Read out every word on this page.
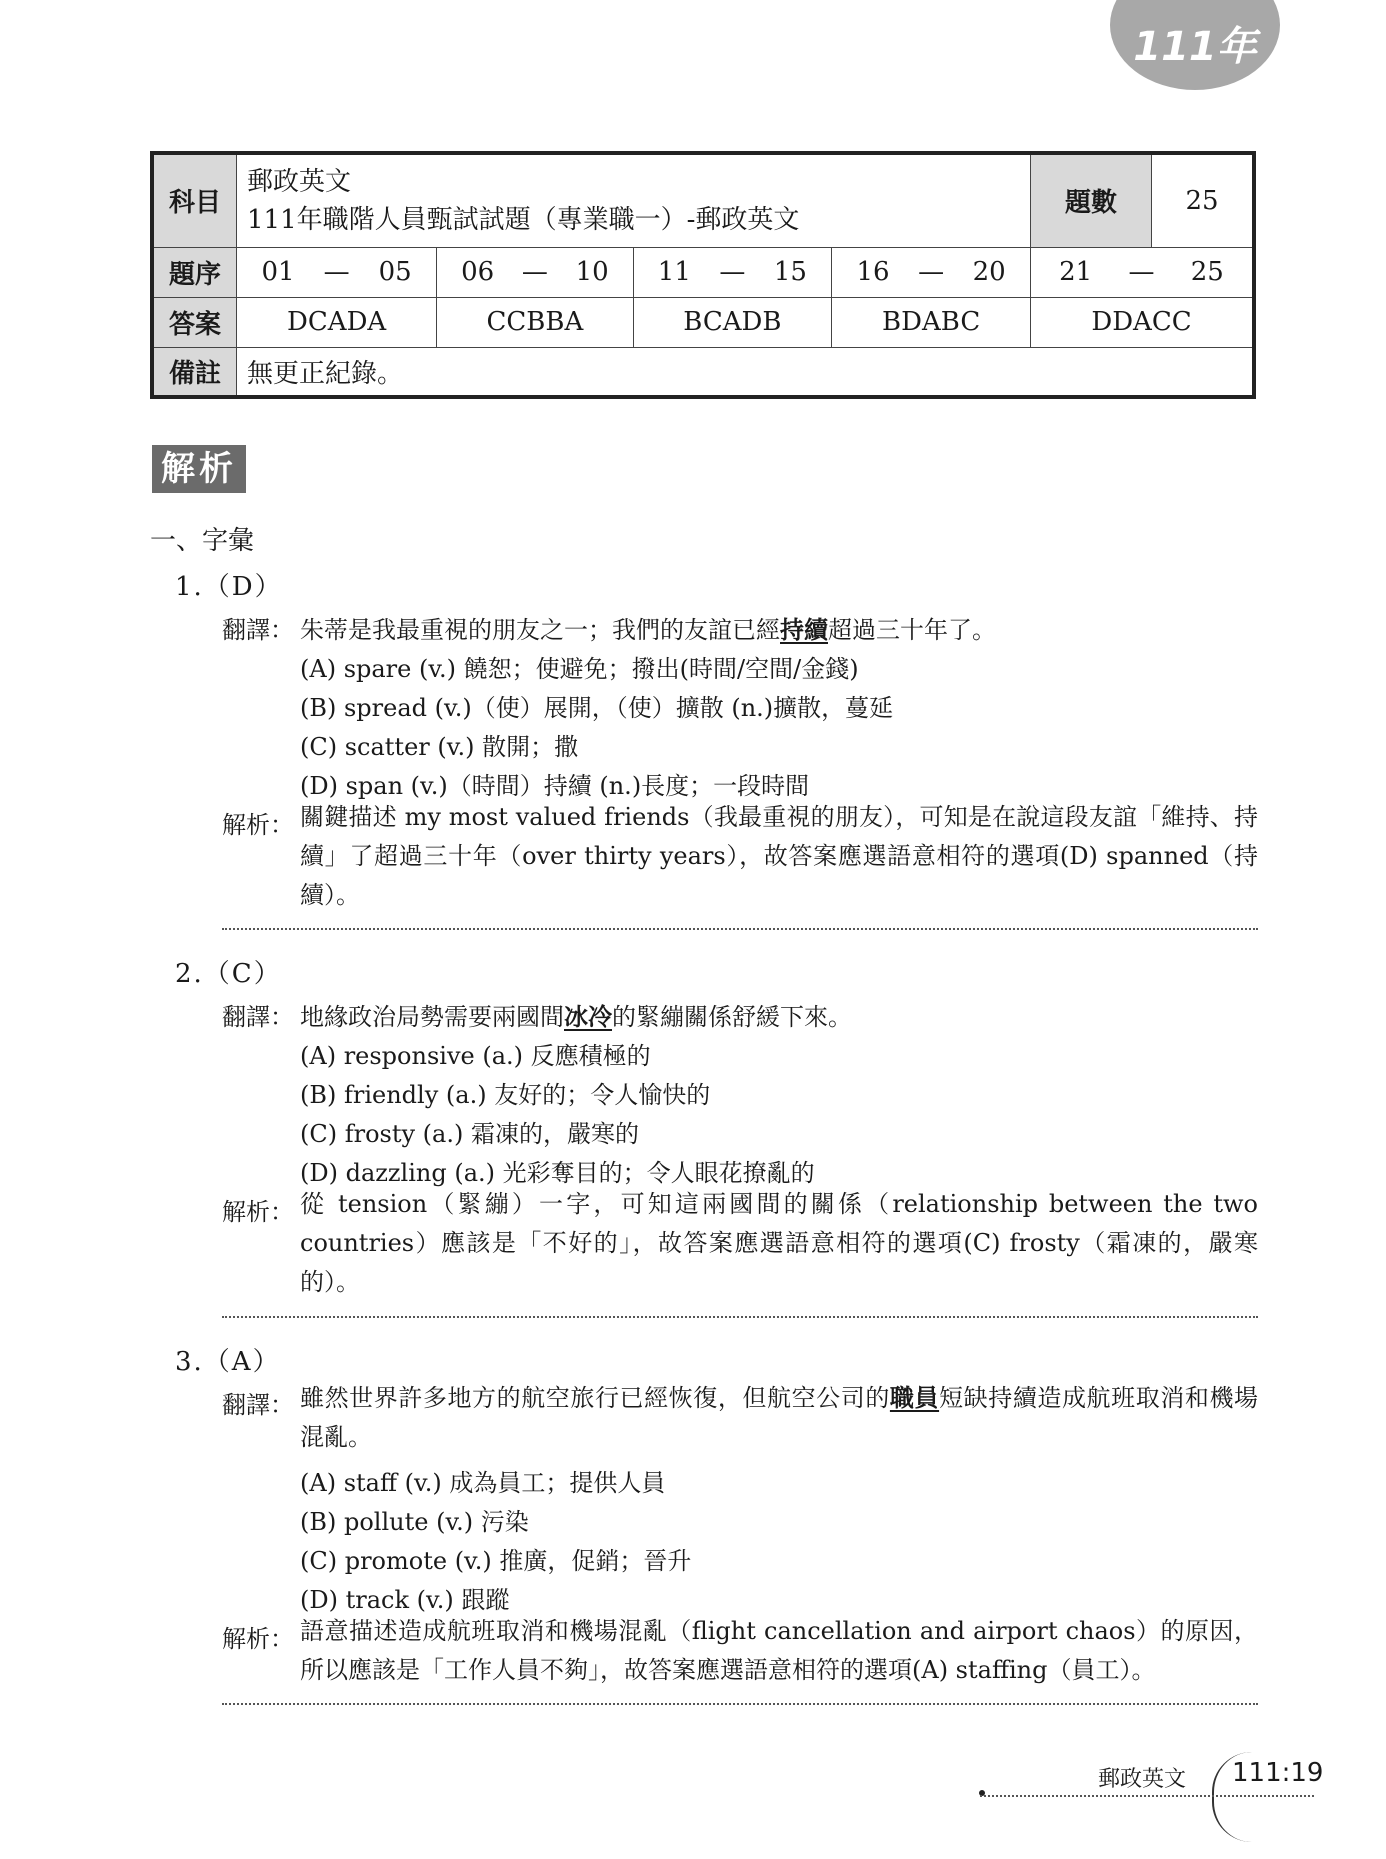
111年
科目	郵政英文
111年職階人員甄試試題（專業職一）-郵政英文				題數	25
題序	01 — 05	06 — 10	11 — 15	16 — 20	21 — 25	

答案	DCADA	CCBBA	BCADB	BDABC	DDACC	
備註	無更正紀錄。					
解析
一、字彙
1.（D）
翻譯： 朱蒂是我最重視的朋友之一；我們的友誼已經持續超過三十年了。
(A) spare (v.) 饒恕；使避免；撥出(時間/空間/金錢)
(B) spread (v.)（使）展開，（使）擴散 (n.)擴散，蔓延
(C) scatter (v.) 散開；撒
(D) span (v.)（時間）持續 (n.)長度；一段時間
解析： 關鍵描述 my most valued friends（我最重視的朋友），可知是在說這段友誼「維持、持續」了超過三十年（over thirty years），故答案應選語意相符的選項(D) spanned（持續）。
2.（C）
翻譯： 地緣政治局勢需要兩國間冰冷的緊繃關係舒緩下來。
(A) responsive (a.) 反應積極的
(B) friendly (a.) 友好的；令人愉快的
(C) frosty (a.) 霜凍的，嚴寒的
(D) dazzling (a.) 光彩奪目的；令人眼花撩亂的
解析： 從 tension（緊繃）一字，可知這兩國間的關係（relationship between the two countries）應該是「不好的」，故答案應選語意相符的選項(C) frosty（霜凍的，嚴寒的）。
3.（A）
翻譯： 雖然世界許多地方的航空旅行已經恢復，但航空公司的職員短缺持續造成航班取消和機場混亂。
(A) staff (v.) 成為員工；提供人員
(B) pollute (v.) 污染
(C) promote (v.) 推廣，促銷；晉升
(D) track (v.) 跟蹤
解析： 語意描述造成航班取消和機場混亂（flight cancellation and airport chaos）的原因，所以應該是「工作人員不夠」，故答案應選語意相符的選項(A) staffing（員工）。
郵政英文 111:19
